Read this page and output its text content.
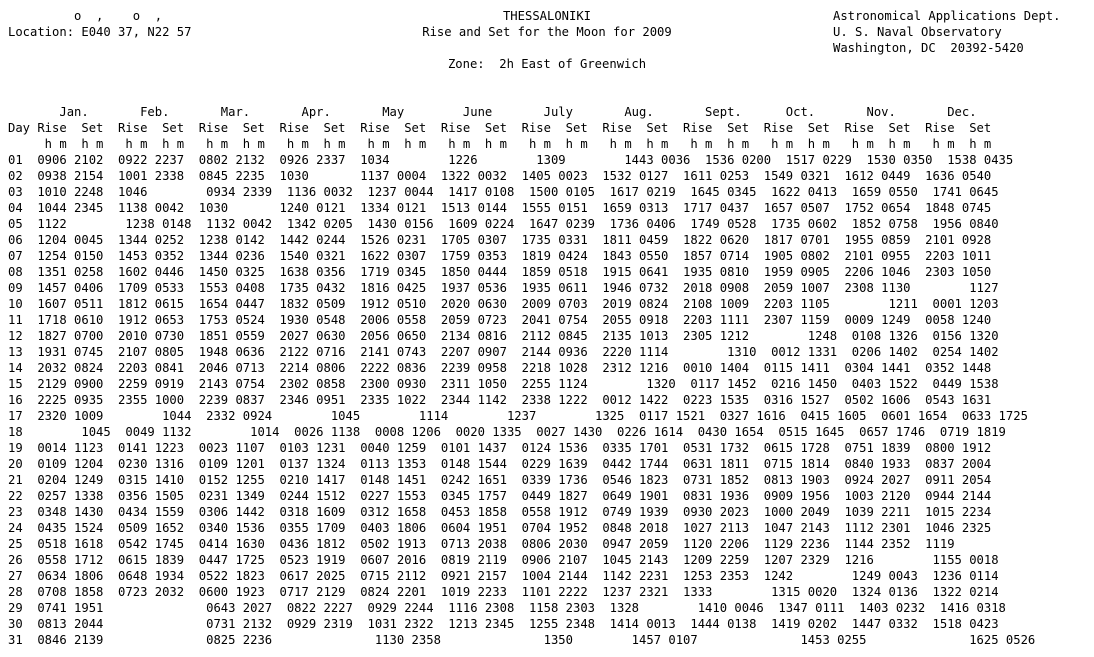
o  ,    o  ,
Location: E040 37, N22 57
THESSALONIKI
Rise and Set for the Moon for 2009
Zone:  2h East of Greenwich
Astronomical Applications Dept.
U. S. Naval Observatory
Washington, DC  20392-5420
Jan.       Feb.       Mar.       Apr.       May        June       July       Aug.       Sept.      Oct.       Nov.       Dec.
Day Rise  Set  Rise  Set  Rise  Set  Rise  Set  Rise  Set  Rise  Set  Rise  Set  Rise  Set  Rise  Set  Rise  Set  Rise  Set  Rise  Set
h m  h m   h m  h m   h m  h m   h m  h m   h m  h m   h m  h m   h m  h m   h m  h m   h m  h m   h m  h m   h m  h m   h m  h m
01  0906 2102  0922 2237  0802 2132  0926 2337  1034        1226        1309        1443 0036  1536 0200  1517 0229  1530 0350  1538 0435
02  0938 2154  1001 2338  0845 2235  1030       1137 0004  1322 0032  1405 0023  1532 0127  1611 0253  1549 0321  1612 0449  1636 0540
03  1010 2248  1046        0934 2339  1136 0032  1237 0044  1417 0108  1500 0105  1617 0219  1645 0345  1622 0413  1659 0550  1741 0645
04  1044 2345  1138 0042  1030       1240 0121  1334 0121  1513 0144  1555 0151  1659 0313  1717 0437  1657 0507  1752 0654  1848 0745
05  1122        1238 0148  1132 0042  1342 0205  1430 0156  1609 0224  1647 0239  1736 0406  1749 0528  1735 0602  1852 0758  1956 0840
06  1204 0045  1344 0252  1238 0142  1442 0244  1526 0231  1705 0307  1735 0331  1811 0459  1822 0620  1817 0701  1955 0859  2101 0928
07  1254 0150  1453 0352  1344 0236  1540 0321  1622 0307  1759 0353  1819 0424  1843 0550  1857 0714  1905 0802  2101 0955  2203 1011
08  1351 0258  1602 0446  1450 0325  1638 0356  1719 0345  1850 0444  1859 0518  1915 0641  1935 0810  1959 0905  2206 1046  2303 1050
09  1457 0406  1709 0533  1553 0408  1735 0432  1816 0425  1937 0536  1935 0611  1946 0732  2018 0908  2059 1007  2308 1130        1127
10  1607 0511  1812 0615  1654 0447  1832 0509  1912 0510  2020 0630  2009 0703  2019 0824  2108 1009  2203 1105        1211  0001 1203
11  1718 0610  1912 0653  1753 0524  1930 0548  2006 0558  2059 0723  2041 0754  2055 0918  2203 1111  2307 1159  0009 1249  0058 1240
12  1827 0700  2010 0730  1851 0559  2027 0630  2056 0650  2134 0816  2112 0845  2135 1013  2305 1212        1248  0108 1326  0156 1320
13  1931 0745  2107 0805  1948 0636  2122 0716  2141 0743  2207 0907  2144 0936  2220 1114        1310  0012 1331  0206 1402  0254 1402
14  2032 0824  2203 0841  2046 0713  2214 0806  2222 0836  2239 0958  2218 1028  2312 1216  0010 1404  0115 1411  0304 1441  0352 1448
15  2129 0900  2259 0919  2143 0754  2302 0858  2300 0930  2311 1050  2255 1124        1320  0117 1452  0216 1450  0403 1522  0449 1538
16  2225 0935  2355 1000  2239 0837  2346 0951  2335 1022  2344 1142  2338 1222  0012 1422  0223 1535  0316 1527  0502 1606  0543 1631
17  2320 1009        1044  2332 0924        1045        1114        1237        1325  0117 1521  0327 1616  0415 1605  0601 1654  0633 1725
18        1045  0049 1132        1014  0026 1138  0008 1206  0020 1335  0027 1430  0226 1614  0430 1654  0515 1645  0657 1746  0719 1819
19  0014 1123  0141 1223  0023 1107  0103 1231  0040 1259  0101 1437  0124 1536  0335 1701  0531 1732  0615 1728  0751 1839  0800 1912
20  0109 1204  0230 1316  0109 1201  0137 1324  0113 1353  0148 1544  0229 1639  0442 1744  0631 1811  0715 1814  0840 1933  0837 2004
21  0204 1249  0315 1410  0152 1255  0210 1417  0148 1451  0242 1651  0339 1736  0546 1823  0731 1852  0813 1903  0924 2027  0911 2054
22  0257 1338  0356 1505  0231 1349  0244 1512  0227 1553  0345 1757  0449 1827  0649 1901  0831 1936  0909 1956  1003 2120  0944 2144
23  0348 1430  0434 1559  0306 1442  0318 1609  0312 1658  0453 1858  0558 1912  0749 1939  0930 2023  1000 2049  1039 2211  1015 2234
24  0435 1524  0509 1652  0340 1536  0355 1709  0403 1806  0604 1951  0704 1952  0848 2018  1027 2113  1047 2143  1112 2301  1046 2325
25  0518 1618  0542 1745  0414 1630  0436 1812  0502 1913  0713 2038  0806 2030  0947 2059  1120 2206  1129 2236  1144 2352  1119
26  0558 1712  0615 1839  0447 1725  0523 1919  0607 2016  0819 2119  0906 2107  1045 2143  1209 2259  1207 2329  1216        1155 0018
27  0634 1806  0648 1934  0522 1823  0617 2025  0715 2112  0921 2157  1004 2144  1142 2231  1253 2353  1242        1249 0043  1236 0114
28  0708 1858  0723 2032  0600 1923  0717 2129  0824 2201  1019 2233  1101 2222  1237 2321  1333        1315 0020  1324 0136  1322 0214
29  0741 1951              0643 2027  0822 2227  0929 2244  1116 2308  1158 2303  1328        1410 0046  1347 0111  1403 0232  1416 0318
30  0813 2044              0731 2132  0929 2319  1031 2322  1213 2345  1255 2348  1414 0013  1444 0138  1419 0202  1447 0332  1518 0423
31  0846 2139              0825 2236              1130 2358              1350        1457 0107              1453 0255              1625 0526
